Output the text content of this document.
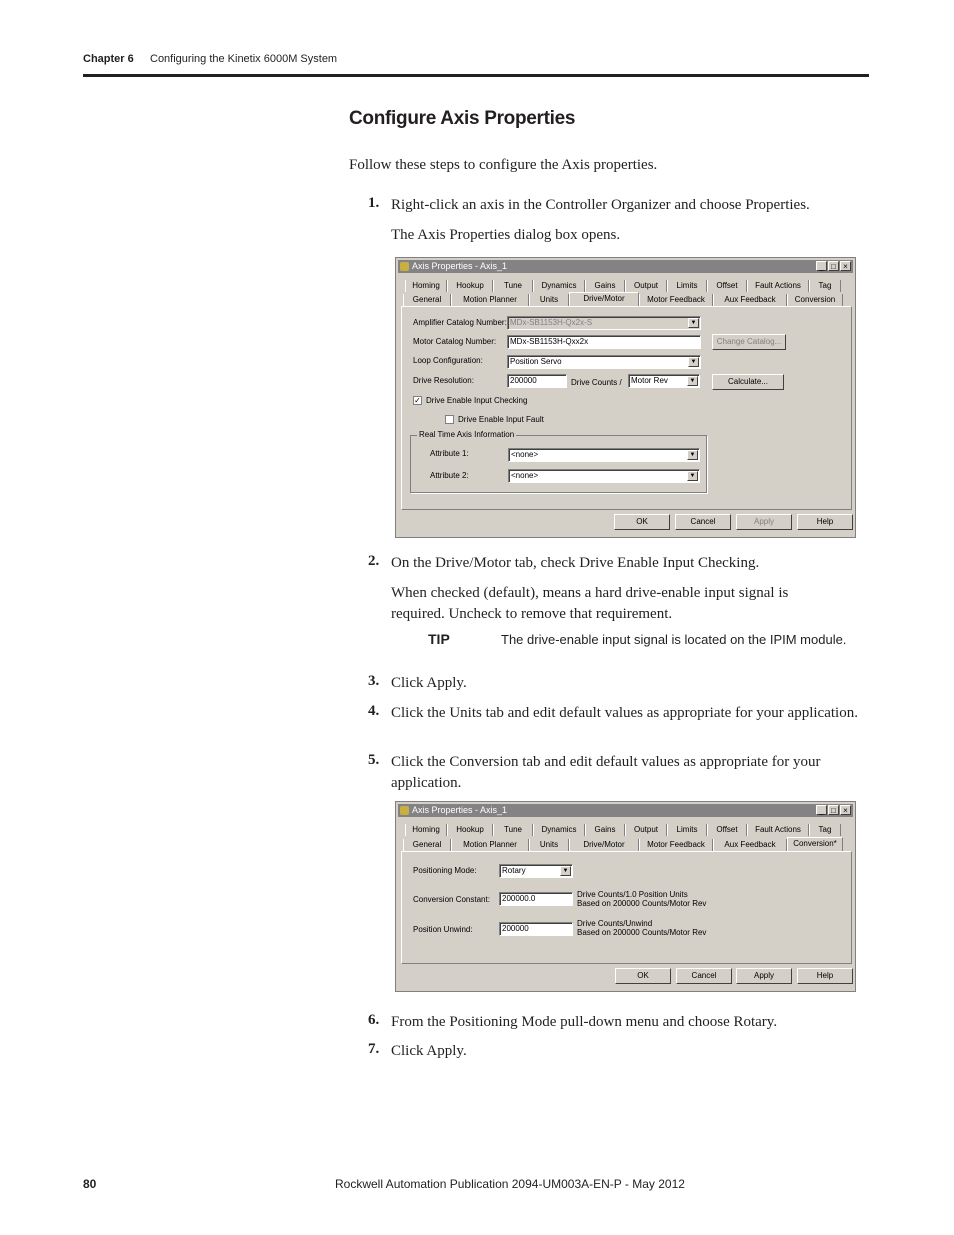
Chapter 6 Configuring the Kinetix 6000M System
Configure Axis Properties
Follow these steps to configure the Axis properties.
1. Right-click an axis in the Controller Organizer and choose Properties.
The Axis Properties dialog box opens.
Axis Properties - Axis_1	_ □ ×
Homing	Hookup	Tune	Dynamics	Gains	Output	Limits	Offset	Fault Actions	Tag
General	Motion Planner	Units	Drive/Motor	Motor Feedback	Aux Feedback	Conversion
Amplifier Catalog Number: MDx-SB1153H-Qx2x-S	▼
Motor Catalog Number:	MDx-SB1153H-Qxx2x	Change Catalog...
Loop Configuration:	Position Servo	▼
Drive Resolution:	200000	Drive Counts /	Motor Rev	▼	Calculate...
✓ Drive Enable Input Checking
Drive Enable Input Fault
Real Time Axis Information
Attribute 1:	<none>	▼
Attribute 2:	<none>	▼
OK	Cancel	Apply	Help
2. On the Drive/Motor tab, check Drive Enable Input Checking.
When checked (default), means a hard drive-enable input signal is required. Uncheck to remove that requirement.
TIP	The drive-enable input signal is located on the IPIM module.
3. Click Apply.
4. Click the Units tab and edit default values as appropriate for your application.
5. Click the Conversion tab and edit default values as appropriate for your application.
Axis Properties - Axis_1	_ □ ×
Homing	Hookup	Tune	Dynamics	Gains	Output	Limits	Offset	Fault Actions	Tag
General	Motion Planner	Units	Drive/Motor	Motor Feedback	Aux Feedback	Conversion*
Positioning Mode:	Rotary	▼
Conversion Constant:	200000.0	Drive Counts/1.0 Position Units
Based on 200000 Counts/Motor Rev
Position Unwind:	200000
Drive Counts/Unwind
Based on 200000 Counts/Motor Rev
OK	Cancel	Apply	Help
6. From the Positioning Mode pull-down menu and choose Rotary.
7. Click Apply.
80	Rockwell Automation Publication 2094-UM003A-EN-P - May 2012
